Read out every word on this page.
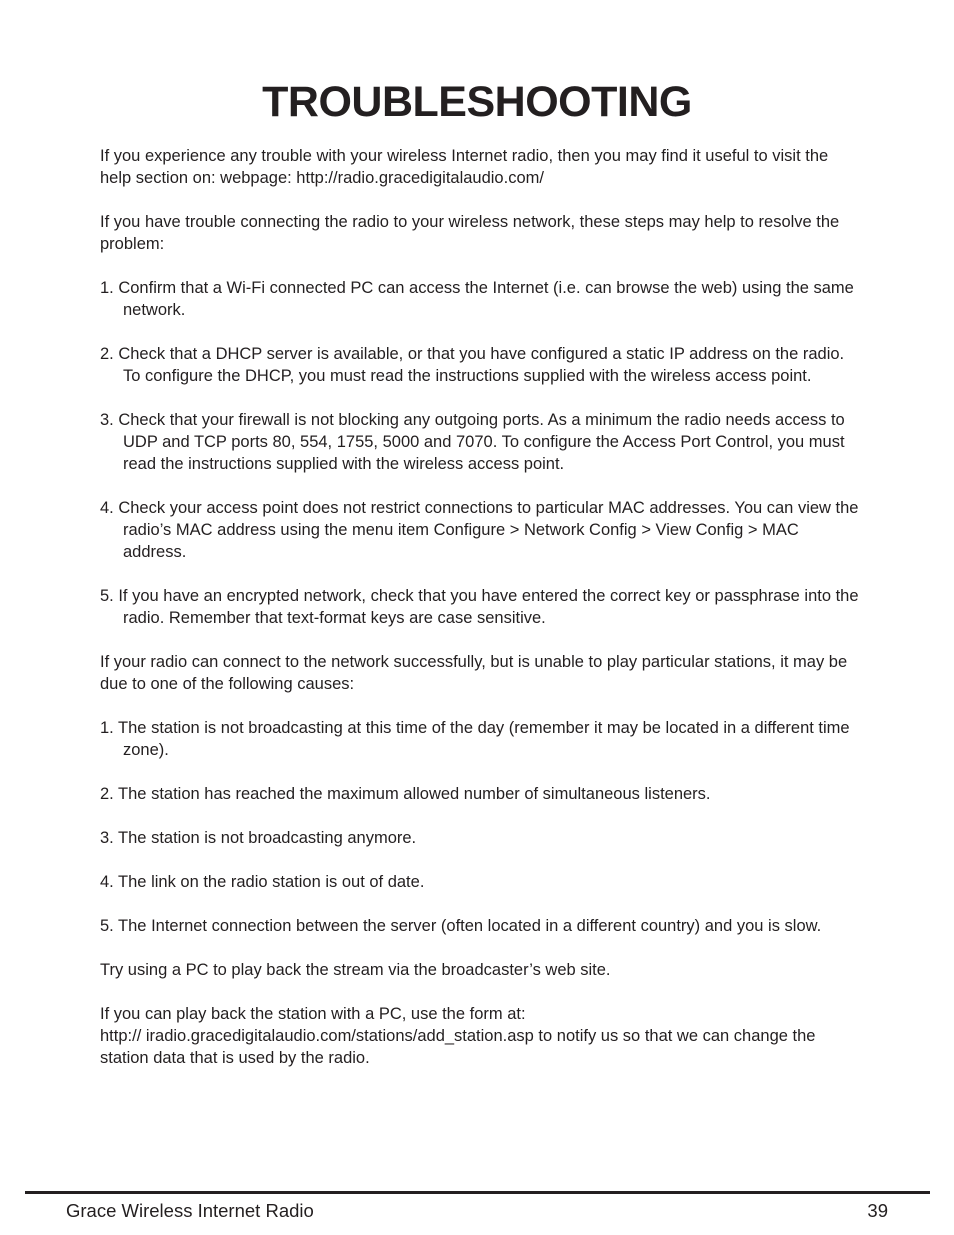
TROUBLESHOOTING

If you experience any trouble with your wireless Internet radio, then you may find it useful to visit the help section on: webpage: http://radio.gracedigitalaudio.com/

If you have trouble connecting the radio to your wireless network, these steps may help to resolve the problem:

1. Confirm that a Wi-Fi connected PC can access the Internet (i.e. can browse the web) using the same network.

2. Check that a DHCP server is available, or that you have configured a static IP address on the radio. To configure the DHCP, you must read the instructions supplied with the wireless access point.

3. Check that your firewall is not blocking any outgoing ports. As a minimum the radio needs access to UDP and TCP ports 80, 554, 1755, 5000 and 7070. To configure the Access Port Control, you must read the instructions supplied with the wireless access point.

4. Check your access point does not restrict connections to particular MAC addresses. You can view the radio’s MAC address using the menu item Configure > Network Config > View Config > MAC address.

5. If you have an encrypted network, check that you have entered the correct key or passphrase into the radio. Remember that text-format keys are case sensitive.

If your radio can connect to the network successfully, but is unable to play particular stations, it may be due to one of the following causes:

1. The station is not broadcasting at this time of the day (remember it may be located in a different time zone).

2. The station has reached the maximum allowed number of simultaneous listeners.

3. The station is not broadcasting anymore.

4. The link on the radio station is out of date.

5. The Internet connection between the server (often located in a different country) and you is slow.

Try using a PC to play back the stream via the broadcaster’s web site.

If you can play back the station with a PC, use the form at:
http:// iradio.gracedigitalaudio.com/stations/add_station.asp to notify us so that we can change the station data that is used by the radio.

Grace Wireless Internet Radio	39
